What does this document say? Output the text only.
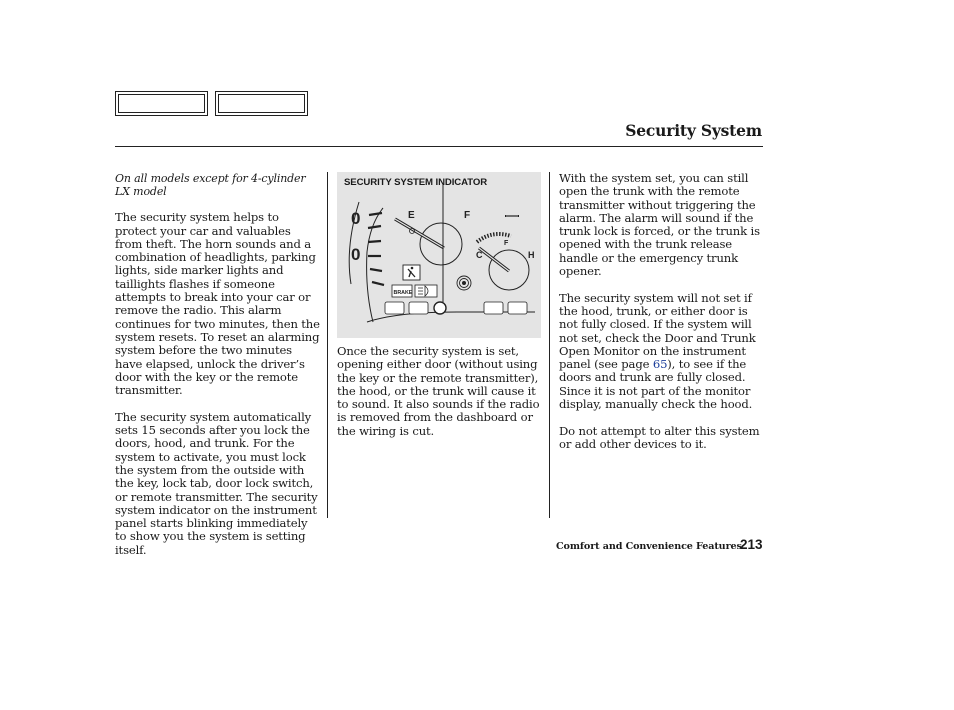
Security System

On all models except for 4-cylinder LX model

The security system helps to protect your car and valuables from theft. The horn sounds and a combination of headlights, parking lights, side marker lights and taillights flashes if someone attempts to break into your car or remove the radio. This alarm continues for two minutes, then the system resets. To reset an alarming system before the two minutes have elapsed, unlock the driver’s door with the key or the remote transmitter.

The security system automatically sets 15 seconds after you lock the doors, hood, and trunk. For the system to activate, you must lock the system from the outside with the key, lock tab, door lock switch, or remote transmitter. The security system indicator on the instrument panel starts blinking immediately to show you the system is setting itself.

0
0
E	F
C	H
F
BRAKE
SECURITY SYSTEM INDICATOR

Once the security system is set, opening either door (without using the key or the remote transmitter), the hood, or the trunk will cause it to sound. It also sounds if the radio is removed from the dashboard or the wiring is cut.

With the system set, you can still open the trunk with the remote transmitter without triggering the alarm. The alarm will sound if the trunk lock is forced, or the trunk is opened with the trunk release handle or the emergency trunk opener.

The security system will not set if the hood, trunk, or either door is not fully closed. If the system will not set, check the Door and Trunk Open Monitor on the instrument panel (see page 65), to see if the doors and trunk are fully closed. Since it is not part of the monitor display, manually check the hood.

Do not attempt to alter this system or add other devices to it.

Comfort and Convenience Features
213
